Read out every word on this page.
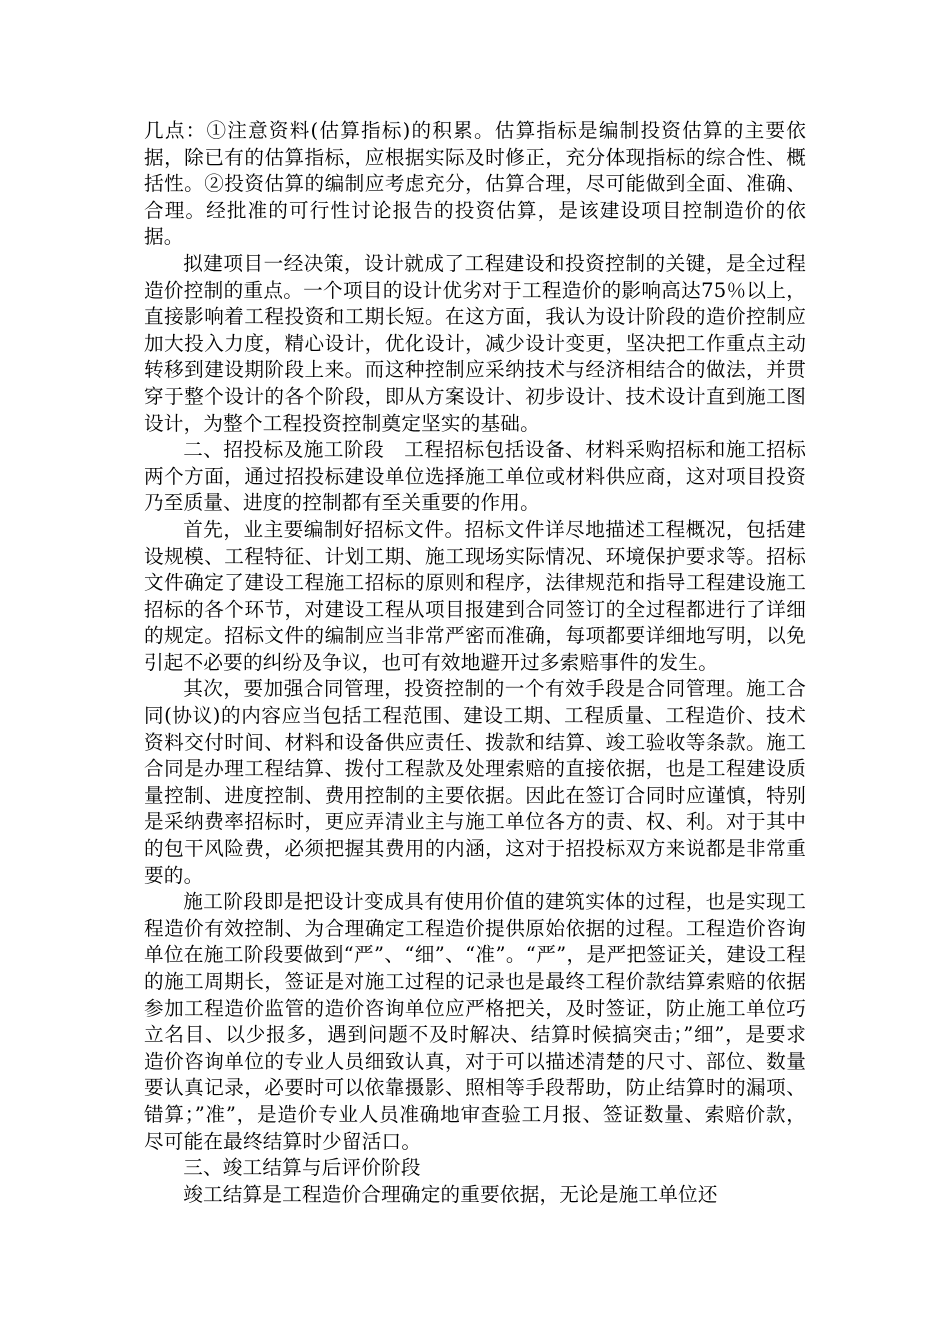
几点：①注意资料(估算指标)的积累。估算指标是编制投资估算的主要依据，除已有的估算指标，应根据实际及时修正，充分体现指标的综合性、概括性。②投资估算的编制应考虑充分，估算合理，尽可能做到全面、准确、合理。经批准的可行性讨论报告的投资估算，是该建设项目控制造价的依据。

拟建项目一经决策，设计就成了工程建设和投资控制的关键，是全过程造价控制的重点。一个项目的设计优劣对于工程造价的影响高达75％以上，直接影响着工程投资和工期长短。在这方面，我认为设计阶段的造价控制应加大投入力度，精心设计，优化设计，减少设计变更，坚决把工作重点主动转移到建设期阶段上来。而这种控制应采纳技术与经济相结合的做法，并贯穿于整个设计的各个阶段，即从方案设计、初步设计、技术设计直到施工图设计，为整个工程投资控制奠定坚实的基础。

二、招投标及施工阶段　工程招标包括设备、材料采购招标和施工招标两个方面，通过招投标建设单位选择施工单位或材料供应商，这对项目投资乃至质量、进度的控制都有至关重要的作用。

首先，业主要编制好招标文件。招标文件详尽地描述工程概况，包括建设规模、工程特征、计划工期、施工现场实际情况、环境保护要求等。招标文件确定了建设工程施工招标的原则和程序，法律规范和指导工程建设施工招标的各个环节，对建设工程从项目报建到合同签订的全过程都进行了详细的规定。招标文件的编制应当非常严密而准确，每项都要详细地写明，以免引起不必要的纠纷及争议，也可有效地避开过多索赔事件的发生。

其次，要加强合同管理，投资控制的一个有效手段是合同管理。施工合同(协议)的内容应当包括工程范围、建设工期、工程质量、工程造价、技术资料交付时间、材料和设备供应责任、拨款和结算、竣工验收等条款。施工合同是办理工程结算、拨付工程款及处理索赔的直接依据，也是工程建设质量控制、进度控制、费用控制的主要依据。因此在签订合同时应谨慎，特别是采纳费率招标时，更应弄清业主与施工单位各方的责、权、利。对于其中的包干风险费，必须把握其费用的内涵，这对于招投标双方来说都是非常重要的。

施工阶段即是把设计变成具有使用价值的建筑实体的过程，也是实现工程造价有效控制、为合理确定工程造价提供原始依据的过程。工程造价咨询单位在施工阶段要做到“严”、“细”、“准”。“严”，是严把签证关，建设工程的施工周期长，签证是对施工过程的记录也是最终工程价款结算索赔的依据参加工程造价监管的造价咨询单位应严格把关，及时签证，防止施工单位巧立名目、以少报多，遇到问题不及时解决、结算时候搞突击；”细”，是要求造价咨询单位的专业人员细致认真，对于可以描述清楚的尺寸、部位、数量要认真记录，必要时可以依靠摄影、照相等手段帮助，防止结算时的漏项、错算；”准”，是造价专业人员准确地审查验工月报、签证数量、索赔价款，尽可能在最终结算时少留活口。

三、竣工结算与后评价阶段

竣工结算是工程造价合理确定的重要依据，无论是施工单位还
